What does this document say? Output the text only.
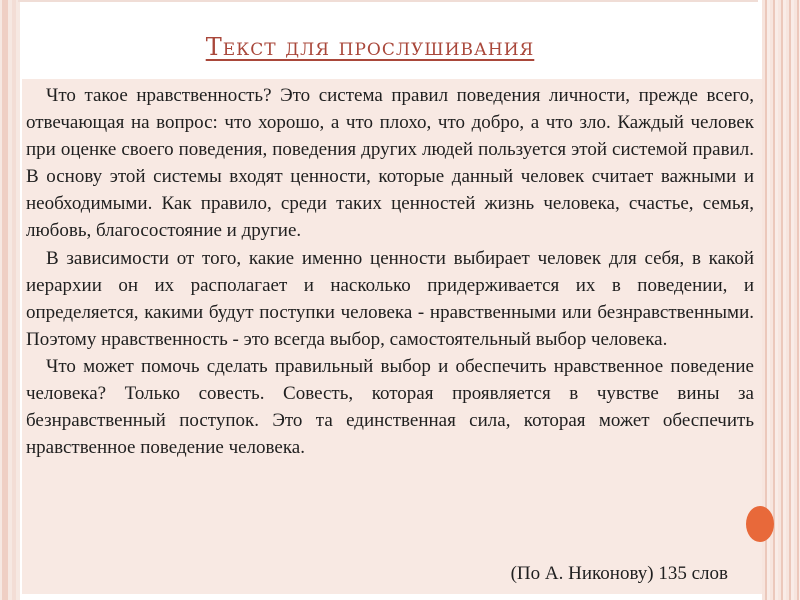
Текст для прослушивания

Что такое нравственность? Это система правил поведения личности, прежде всего, отвечающая на вопрос: что хорошо, а что плохо, что добро, а что зло. Каждый человек при оценке своего поведения, поведения других людей пользуется этой системой правил. В основу этой системы входят ценности, которые данный человек считает важными и необходимыми. Как правило, среди таких ценностей жизнь человека, счастье, семья, любовь, благосостояние и другие.

В зависимости от того, какие именно ценности выбирает человек для себя, в какой иерархии он их располагает и насколько придерживается их в поведении, и определяется, какими будут поступки человека - нравственными или безнравственными. Поэтому нравственность - это всегда выбор, самостоятельный выбор человека.

Что может помочь сделать правильный выбор и обеспечить нравственное поведение человека? Только совесть. Совесть, которая проявляется в чувстве вины за безнравственный поступок. Это та единственная сила, которая может обеспечить нравственное поведение человека.

(По А. Никонову) 135 слов
